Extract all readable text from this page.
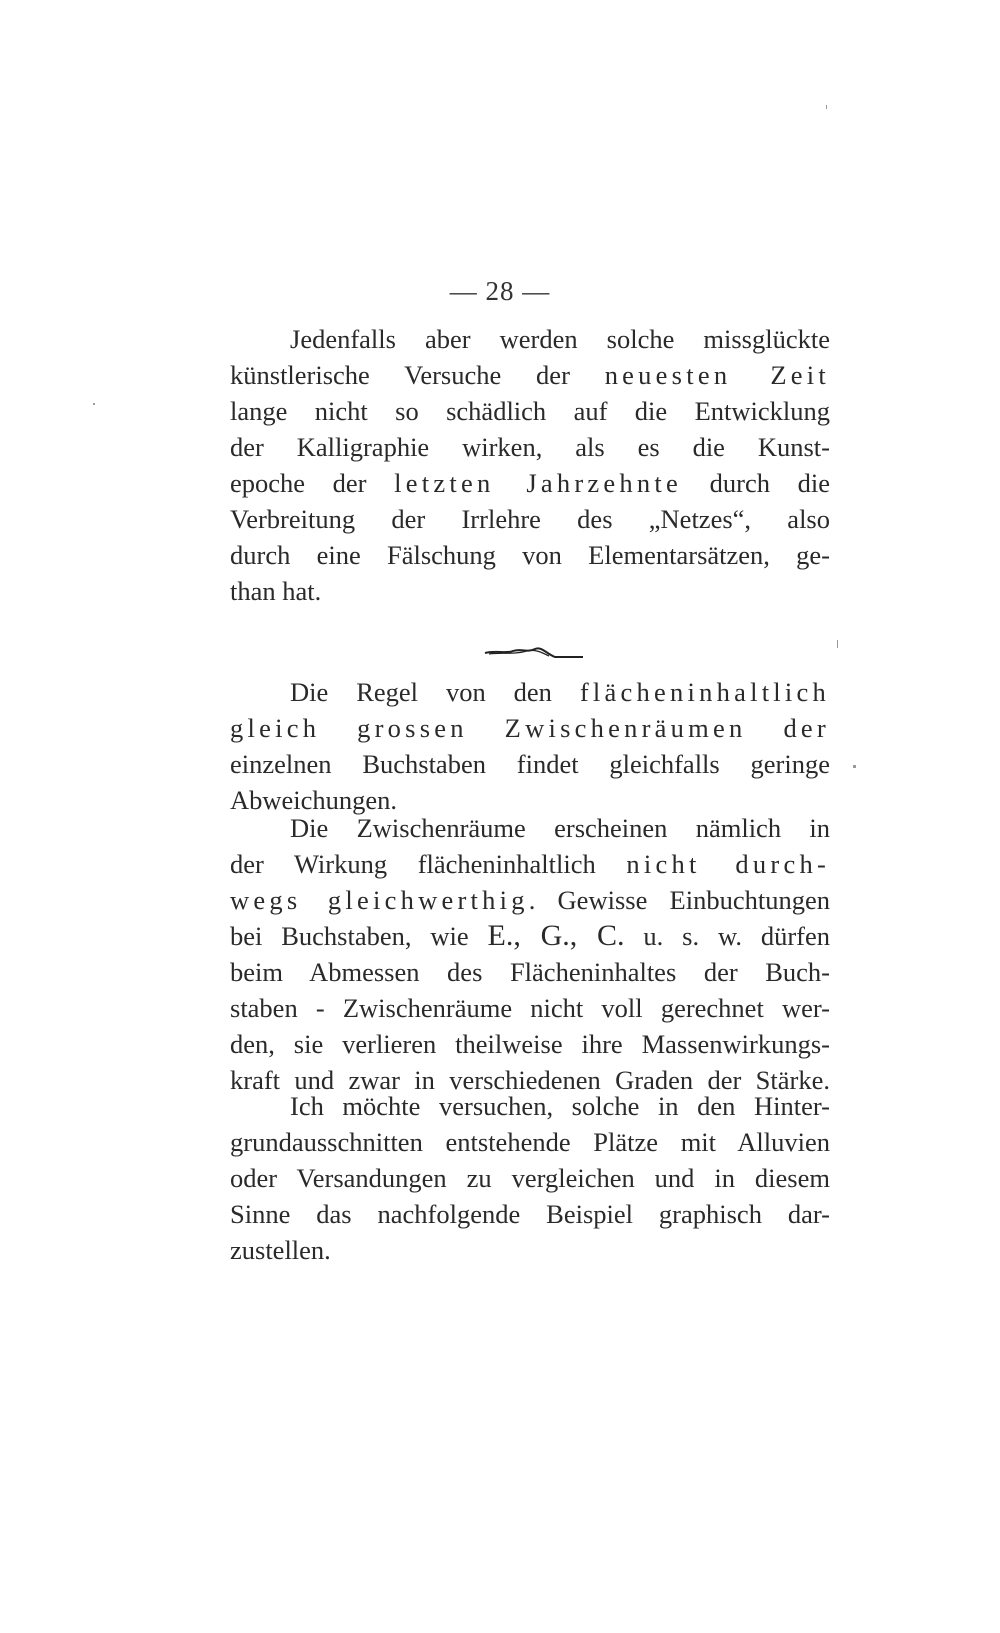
— 28 —
Jedenfalls aber werden solche missglückte
künstlerische Versuche der neuesten Zeit
lange nicht so schädlich auf die Entwicklung
der Kalligraphie wirken, als es die Kunst-
epoche der letzten Jahrzehnte durch die
Verbreitung der Irrlehre des „Netzes“, also
durch eine Fälschung von Elementarsätzen, ge-
than hat.
Die Regel von den flächeninhaltlich
gleich grossen Zwischenräumen der
einzelnen Buchstaben findet gleichfalls geringe
Abweichungen.
Die Zwischenräume erscheinen nämlich in
der Wirkung flächeninhaltlich nicht durch-
wegs gleichwerthig. Gewisse Einbuchtungen
bei Buchstaben, wie E., G., C. u. s. w. dürfen
beim Abmessen des Flächeninhaltes der Buch-
staben - Zwischenräume nicht voll gerechnet wer-
den, sie verlieren theilweise ihre Massenwirkungs-
kraft und zwar in verschiedenen Graden der Stärke.
Ich möchte versuchen, solche in den Hinter-
grundausschnitten entstehende Plätze mit Alluvien
oder Versandungen zu vergleichen und in diesem
Sinne das nachfolgende Beispiel graphisch dar-
zustellen.
